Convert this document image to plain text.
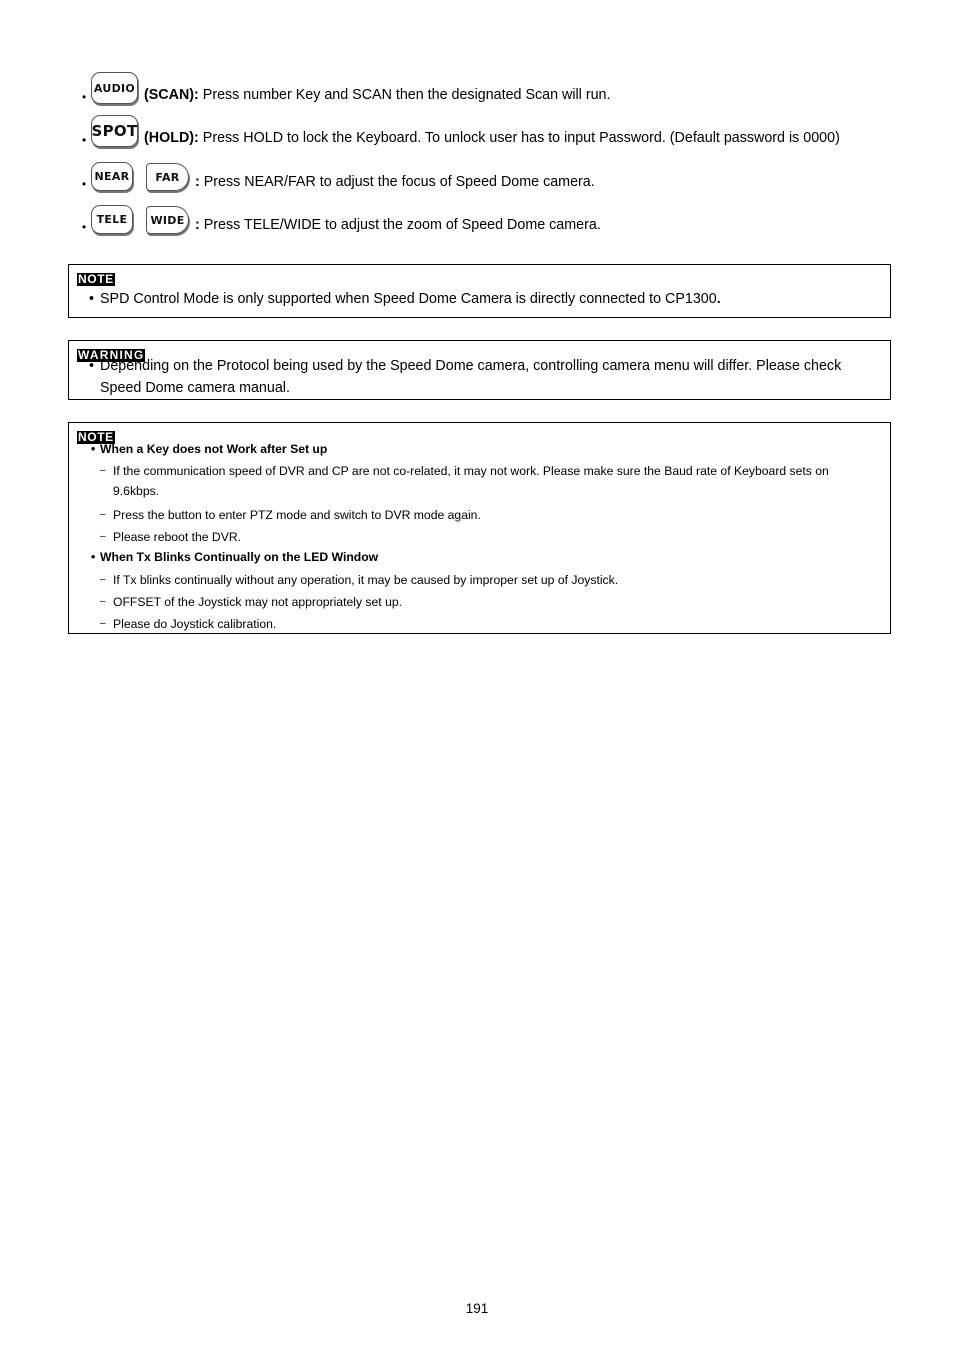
•
AUDIO (SCAN): Press number Key and SCAN then the designated Scan will run.
•
SPOT (HOLD): Press HOLD to lock the Keyboard. To unlock user has to input Password. (Default password is 0000)
•
NEAR	FAR	: Press NEAR/FAR to adjust the focus of Speed Dome camera.
•
TELE	WIDE : Press TELE/WIDE to adjust the zoom of Speed Dome camera.
NOTE
• SPD Control Mode is only supported when Speed Dome Camera is directly connected to CP1300.
WARNING
• Depending on the Protocol being used by the Speed Dome camera, controlling camera menu will differ. Please check
Speed Dome camera manual.
NOTE
• When a Key does not Work after Set up
– If the communication speed of DVR and CP are not co-related, it may not work. Please make sure the Baud rate of Keyboard sets on
9.6kbps.
– Press the button to enter PTZ mode and switch to DVR mode again.
– Please reboot the DVR.
• When Tx Blinks Continually on the LED Window
– If Tx blinks continually without any operation, it may be caused by improper set up of Joystick.
– OFFSET of the Joystick may not appropriately set up.
– Please do Joystick calibration.
191
